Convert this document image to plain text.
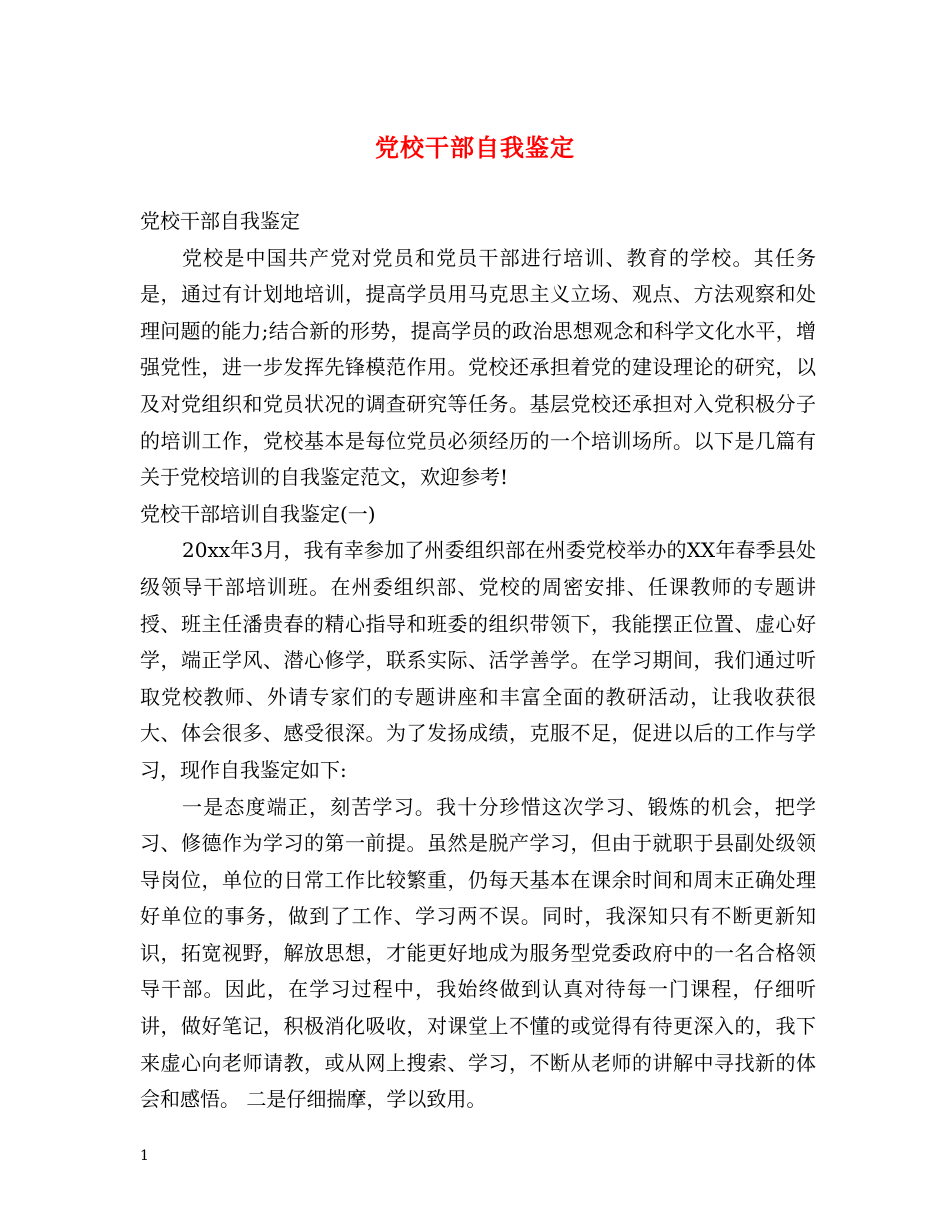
党校干部自我鉴定

党校干部自我鉴定

党校是中国共产党对党员和党员干部进行培训、教育的学校。其任务是，通过有计划地培训，提高学员用马克思主义立场、观点、方法观察和处理问题的能力;结合新的形势，提高学员的政治思想观念和科学文化水平，增强党性，进一步发挥先锋模范作用。党校还承担着党的建设理论的研究，以及对党组织和党员状况的调查研究等任务。基层党校还承担对入党积极分子的培训工作，党校基本是每位党员必须经历的一个培训场所。以下是几篇有关于党校培训的自我鉴定范文，欢迎参考!

党校干部培训自我鉴定(一)

20xx年3月，我有幸参加了州委组织部在州委党校举办的XX年春季县处级领导干部培训班。在州委组织部、党校的周密安排、任课教师的专题讲授、班主任潘贵春的精心指导和班委的组织带领下，我能摆正位置、虚心好学，端正学风、潜心修学，联系实际、活学善学。在学习期间，我们通过听取党校教师、外请专家们的专题讲座和丰富全面的教研活动，让我收获很大、体会很多、感受很深。为了发扬成绩，克服不足，促进以后的工作与学习，现作自我鉴定如下:

一是态度端正，刻苦学习。我十分珍惜这次学习、锻炼的机会，把学习、修德作为学习的第一前提。虽然是脱产学习，但由于就职于县副处级领导岗位，单位的日常工作比较繁重，仍每天基本在课余时间和周末正确处理好单位的事务，做到了工作、学习两不误。同时，我深知只有不断更新知识，拓宽视野，解放思想，才能更好地成为服务型党委政府中的一名合格领导干部。因此，在学习过程中，我始终做到认真对待每一门课程，仔细听讲，做好笔记，积极消化吸收，对课堂上不懂的或觉得有待更深入的，我下来虚心向老师请教，或从网上搜索、学习，不断从老师的讲解中寻找新的体会和感悟。 二是仔细揣摩，学以致用。

1
